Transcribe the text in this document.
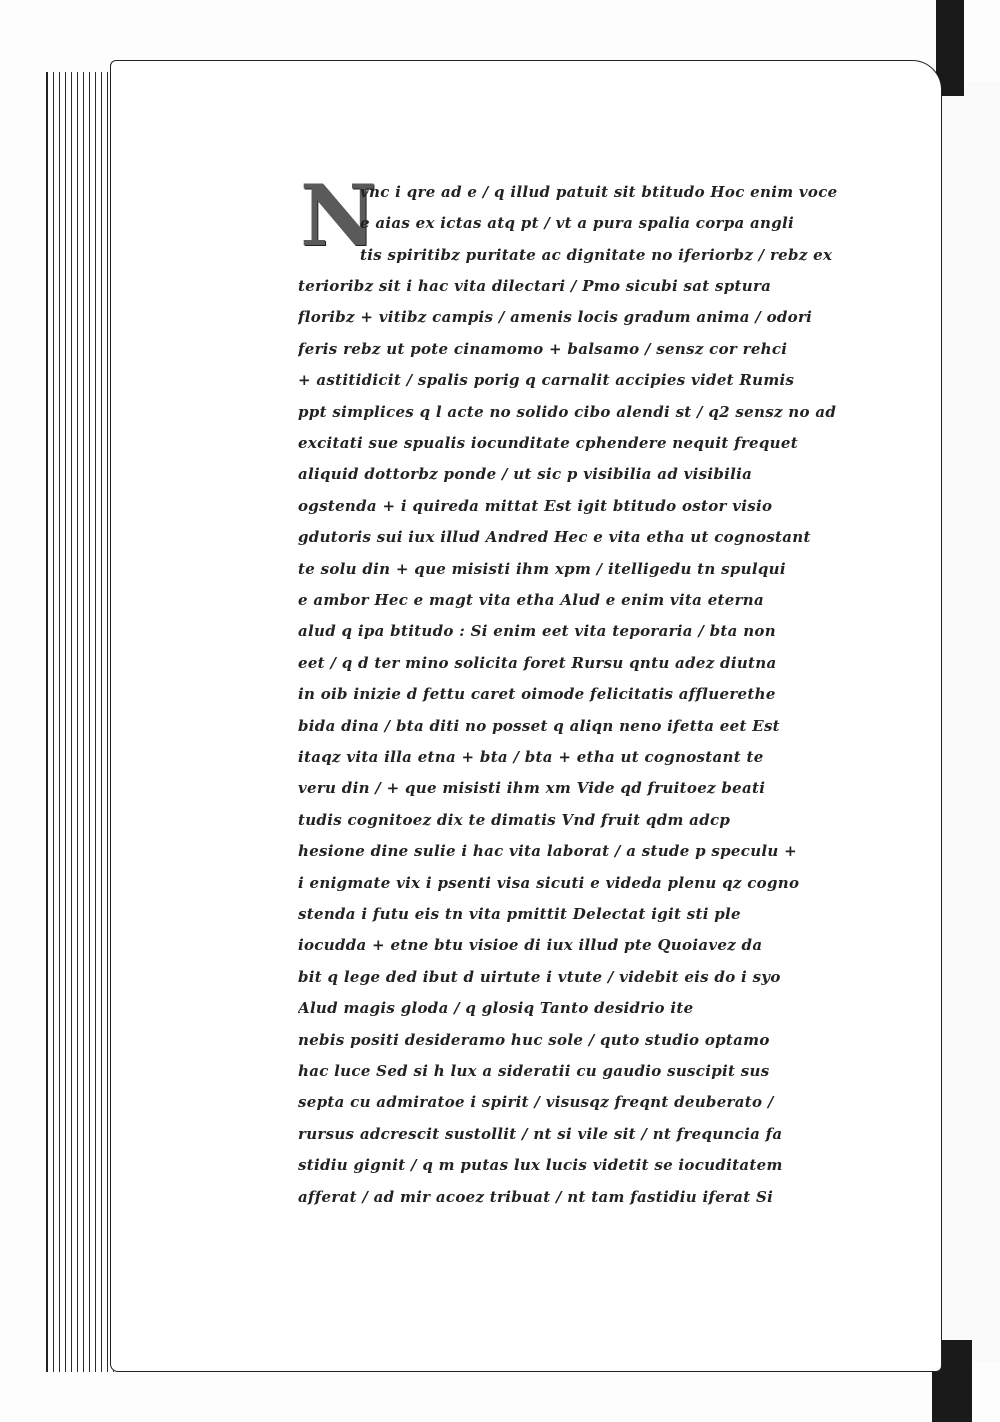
N
vnc i qre ad e / q illud patuit sit btitudo Hoc enim voce
e aias ex ictas atq pt / vt a pura spalia corpa angli
tis spiritibz puritate ac dignitate no iferiorbz / rebz ex
terioribz sit i hac vita dilectari / Pmo sicubi sat sptura
floribz + vitibz campis / amenis locis gradum anima / odori
feris rebz ut pote cinamomo + balsamo / sensz cor rehci
+ astitidicit / spalis porig q carnalit accipies videt Rumis
ppt simplices q l acte no solido cibo alendi st / q2 sensz no ad
excitati sue spualis iocunditate cphendere nequit frequet
aliquid dottorbz ponde / ut sic p visibilia ad visibilia
ogstenda + i quireda mittat Est igit btitudo ostor visio
gdutoris sui iux illud Andred Hec e vita etha ut cognostant
te solu din + que misisti ihm xpm / itelligedu tn spulqui
e ambor Hec e magt vita etha Alud e enim vita eterna
alud q ipa btitudo : Si enim eet vita teporaria / bta non
eet / q d ter mino solicita foret Rursu qntu adez diutna
in oib inizie d fettu caret oimode felicitatis affluerethe
bida dina / bta diti no posset q aliqn neno ifetta eet Est
itaqz vita illa etna + bta / bta + etha ut cognostant te
veru din / + que misisti ihm xm Vide qd fruitoez beati
tudis cognitoez dix te dimatis Vnd fruit qdm adcp
hesione dine sulie i hac vita laborat / a stude p speculu +
i enigmate vix i psenti visa sicuti e videda plenu qz cogno
stenda i futu eis tn vita pmittit Delectat igit sti ple
iocudda + etne btu visioe di iux illud pte Quoiavez da
bit q lege ded ibut d uirtute i vtute / videbit eis do i syo
Alud magis gloda / q glosiq Tanto desidrio ite
nebis positi desideramo huc sole / quto studio optamo
hac luce Sed si h lux a sideratii cu gaudio suscipit sus
septa cu admiratoe i spirit / visusqz freqnt deuberato /
rursus adcrescit sustollit / nt si vile sit / nt frequncia fa
stidiu gignit / q m putas lux lucis videtit se iocuditatem
afferat / ad mir acoez tribuat / nt tam fastidiu iferat Si
